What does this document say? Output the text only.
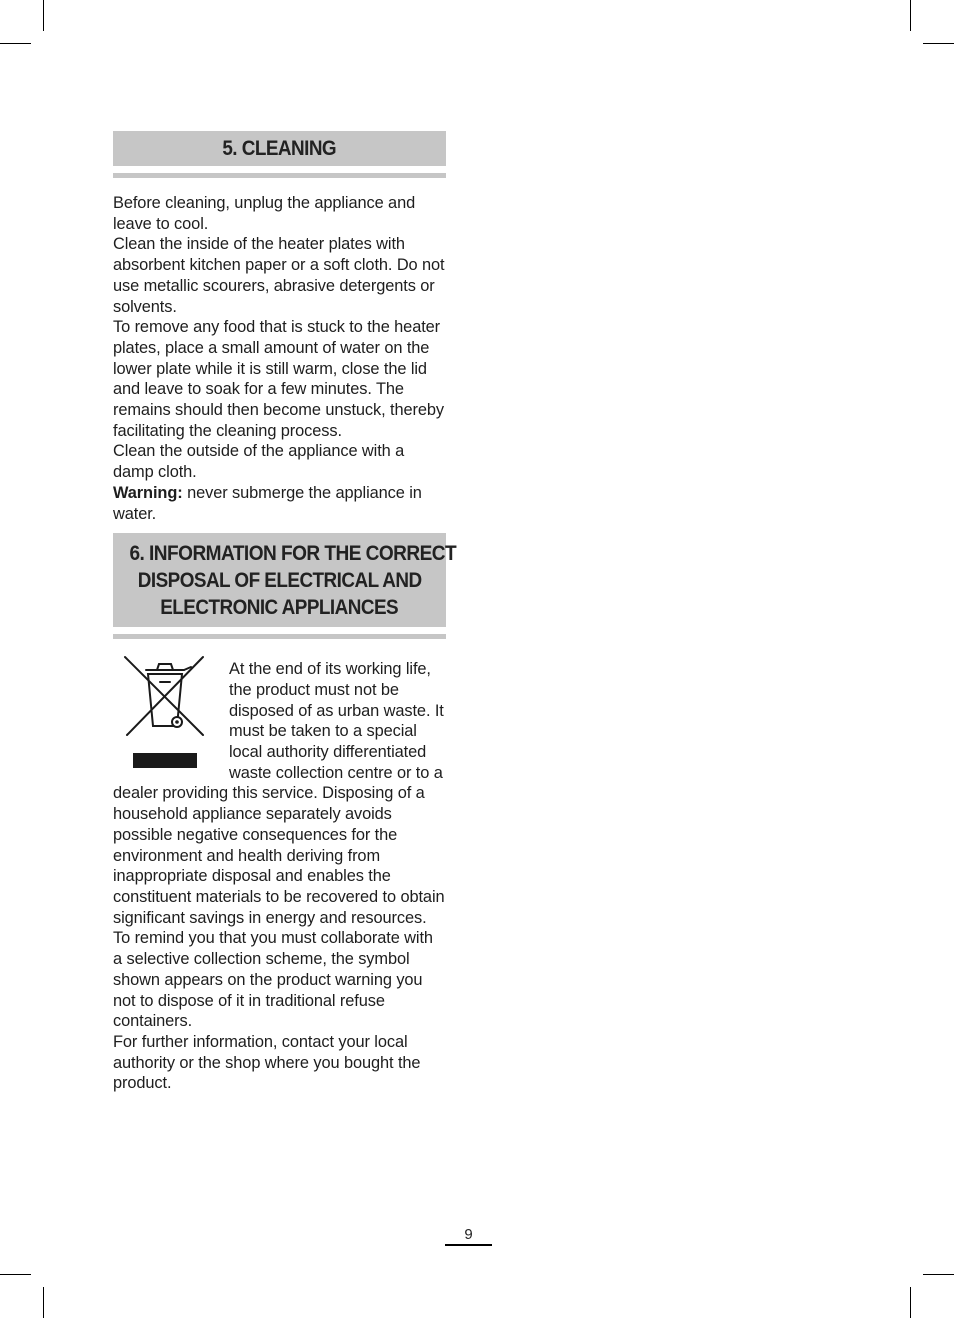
5. CLEANING

Before cleaning, unplug the appliance and leave to cool.

Clean the inside of the heater plates with absorbent kitchen paper or a soft cloth. Do not use metallic scourers, abrasive detergents or solvents.

To remove any food that is stuck to the heater plates, place a small amount of water on the lower plate while it is still warm, close the lid and leave to soak for a few minutes. The remains should then become unstuck, thereby facilitating the cleaning process.

Clean the outside of the appliance with a damp cloth.

Warning: never submerge the appliance in water.

6. INFORMATION FOR THE CORRECT
DISPOSAL OF ELECTRICAL AND
ELECTRONIC APPLIANCES

At the end of its working life, the product must not be disposed of as urban waste. It must be taken to a special local authority differentiated waste collection centre or to a dealer providing this service. Disposing of a household appliance separately avoids possible negative consequences for the environment and health deriving from inappropriate disposal and enables the constituent materials to be recovered to obtain significant savings in energy and resources.

To remind you that you must collaborate with a selective collection scheme, the symbol shown appears on the product warning you not to dispose of it in traditional refuse containers.

For further information, contact your local authority or the shop where you bought the product.

9
